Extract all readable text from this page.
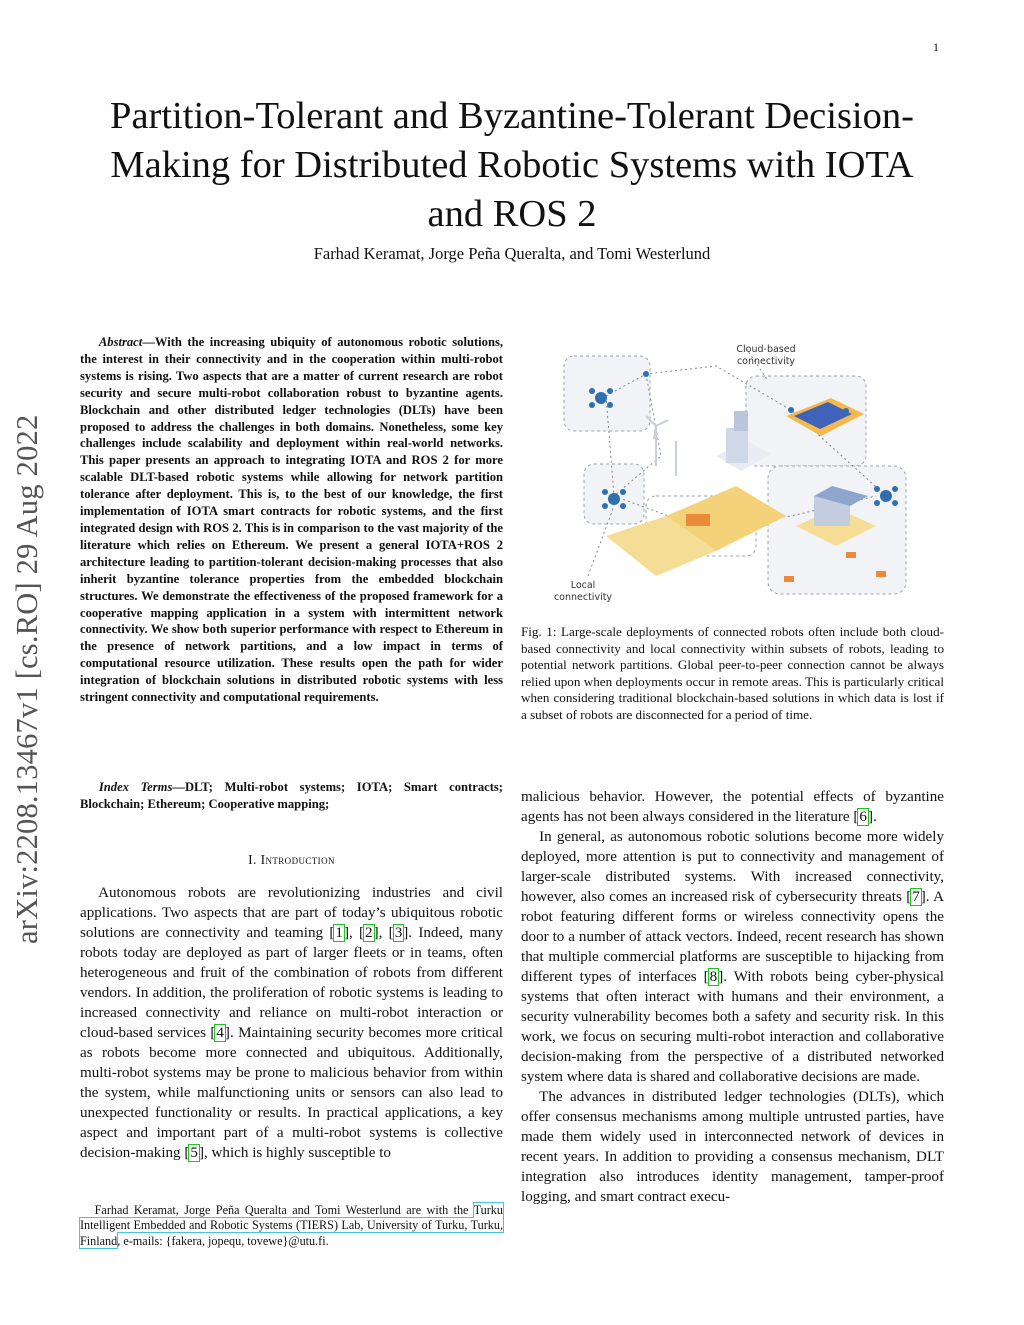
1
Partition-Tolerant and Byzantine-Tolerant Decision-Making for Distributed Robotic Systems with IOTA and ROS 2
Farhad Keramat, Jorge Peña Queralta, and Tomi Westerlund
arXiv:2208.13467v1 [cs.RO] 29 Aug 2022

Abstract—With the increasing ubiquity of autonomous robotic solutions, the interest in their connectivity and in the cooperation within multi-robot systems is rising. Two aspects that are a matter of current research are robot security and secure multi-robot collaboration robust to byzantine agents. Blockchain and other distributed ledger technologies (DLTs) have been proposed to address the challenges in both domains. Nonetheless, some key challenges include scalability and deployment within real-world networks. This paper presents an approach to integrating IOTA and ROS 2 for more scalable DLT-based robotic systems while allowing for network partition tolerance after deployment. This is, to the best of our knowledge, the first implementation of IOTA smart contracts for robotic systems, and the first integrated design with ROS 2. This is in comparison to the vast majority of the literature which relies on Ethereum. We present a general IOTA+ROS 2 architecture leading to partition-tolerant decision-making processes that also inherit byzantine tolerance properties from the embedded blockchain structures. We demonstrate the effectiveness of the proposed framework for a cooperative mapping application in a system with intermittent network connectivity. We show both superior performance with respect to Ethereum in the presence of network partitions, and a low impact in terms of computational resource utilization. These results open the path for wider integration of blockchain solutions in distributed robotic systems with less stringent connectivity and computational requirements.

Index Terms—DLT; Multi-robot systems; IOTA; Smart contracts; Blockchain; Ethereum; Cooperative mapping;

I. Introduction

Autonomous robots are revolutionizing industries and civil applications. Two aspects that are part of today’s ubiquitous robotic solutions are connectivity and teaming [1], [2], [3]. Indeed, many robots today are deployed as part of larger fleets or in teams, often heterogeneous and fruit of the combination of robots from different vendors. In addition, the proliferation of robotic systems is leading to increased connectivity and reliance on multi-robot interaction or cloud-based services [4]. Maintaining security becomes more critical as robots become more connected and ubiquitous. Additionally, multi-robot systems may be prone to malicious behavior from within the system, while malfunctioning units or sensors can also lead to unexpected functionality or results. In practical applications, a key aspect and important part of a multi-robot systems is collective decision-making [5], which is highly susceptible to

Farhad Keramat, Jorge Peña Queralta and Tomi Westerlund are with the Turku Intelligent Embedded and Robotic Systems (TIERS) Lab, University of Turku, Turku, Finland, e-mails: {fakera, jopequ, tovewe}@utu.fi.

Cloud-based connectivity
Local connectivity
Fig. 1: Large-scale deployments of connected robots often include both cloud-based connectivity and local connectivity within subsets of robots, leading to potential network partitions. Global peer-to-peer connection cannot be always relied upon when deployments occur in remote areas. This is particularly critical when considering traditional blockchain-based solutions in which data is lost if a subset of robots are disconnected for a period of time.

malicious behavior. However, the potential effects of byzantine agents has not been always considered in the literature [6].

In general, as autonomous robotic solutions become more widely deployed, more attention is put to connectivity and management of larger-scale distributed systems. With increased connectivity, however, also comes an increased risk of cybersecurity threats [7]. A robot featuring different forms or wireless connectivity opens the door to a number of attack vectors. Indeed, recent research has shown that multiple commercial platforms are susceptible to hijacking from different types of interfaces [8]. With robots being cyber-physical systems that often interact with humans and their environment, a security vulnerability becomes both a safety and security risk. In this work, we focus on securing multi-robot interaction and collaborative decision-making from the perspective of a distributed networked system where data is shared and collaborative decisions are made.

The advances in distributed ledger technologies (DLTs), which offer consensus mechanisms among multiple untrusted parties, have made them widely used in interconnected network of devices in recent years. In addition to providing a consensus mechanism, DLT integration also introduces identity management, tamper-proof logging, and smart contract execu-
